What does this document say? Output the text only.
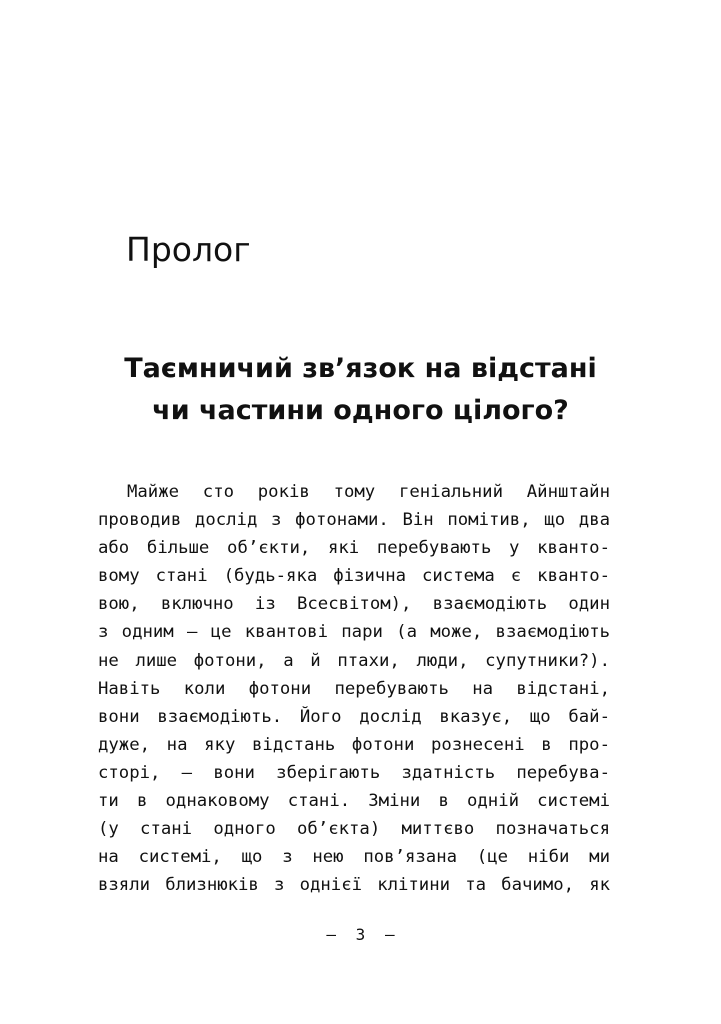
Пролог
Таємничий зв’язок на відстані
чи частини одного цілого?
Майже сто років тому геніальний Айнштайн
проводив дослід з фотонами. Він помітив, що два
або більше об’єкти, які перебувають у кванто-
вому стані (будь-яка фізична система є кванто-
вою, включно із Всесвітом), взаємодіють один
з одним – це квантові пари (а може, взаємодіють
не лише фотони, а й птахи, люди, супутники?).
Навіть коли фотони перебувають на відстані,
вони взаємодіють. Його дослід вказує, що бай-
дуже, на яку відстань фотони рознесені в про-
сторі, – вони зберігають здатність перебува-
ти в однаковому стані. Зміни в одній системі
(у стані одного об’єкта) миттєво позначаться
на системі, що з нею пов’язана (це ніби ми
взяли близнюків з однієї клітини та бачимо, як
– 3 –
